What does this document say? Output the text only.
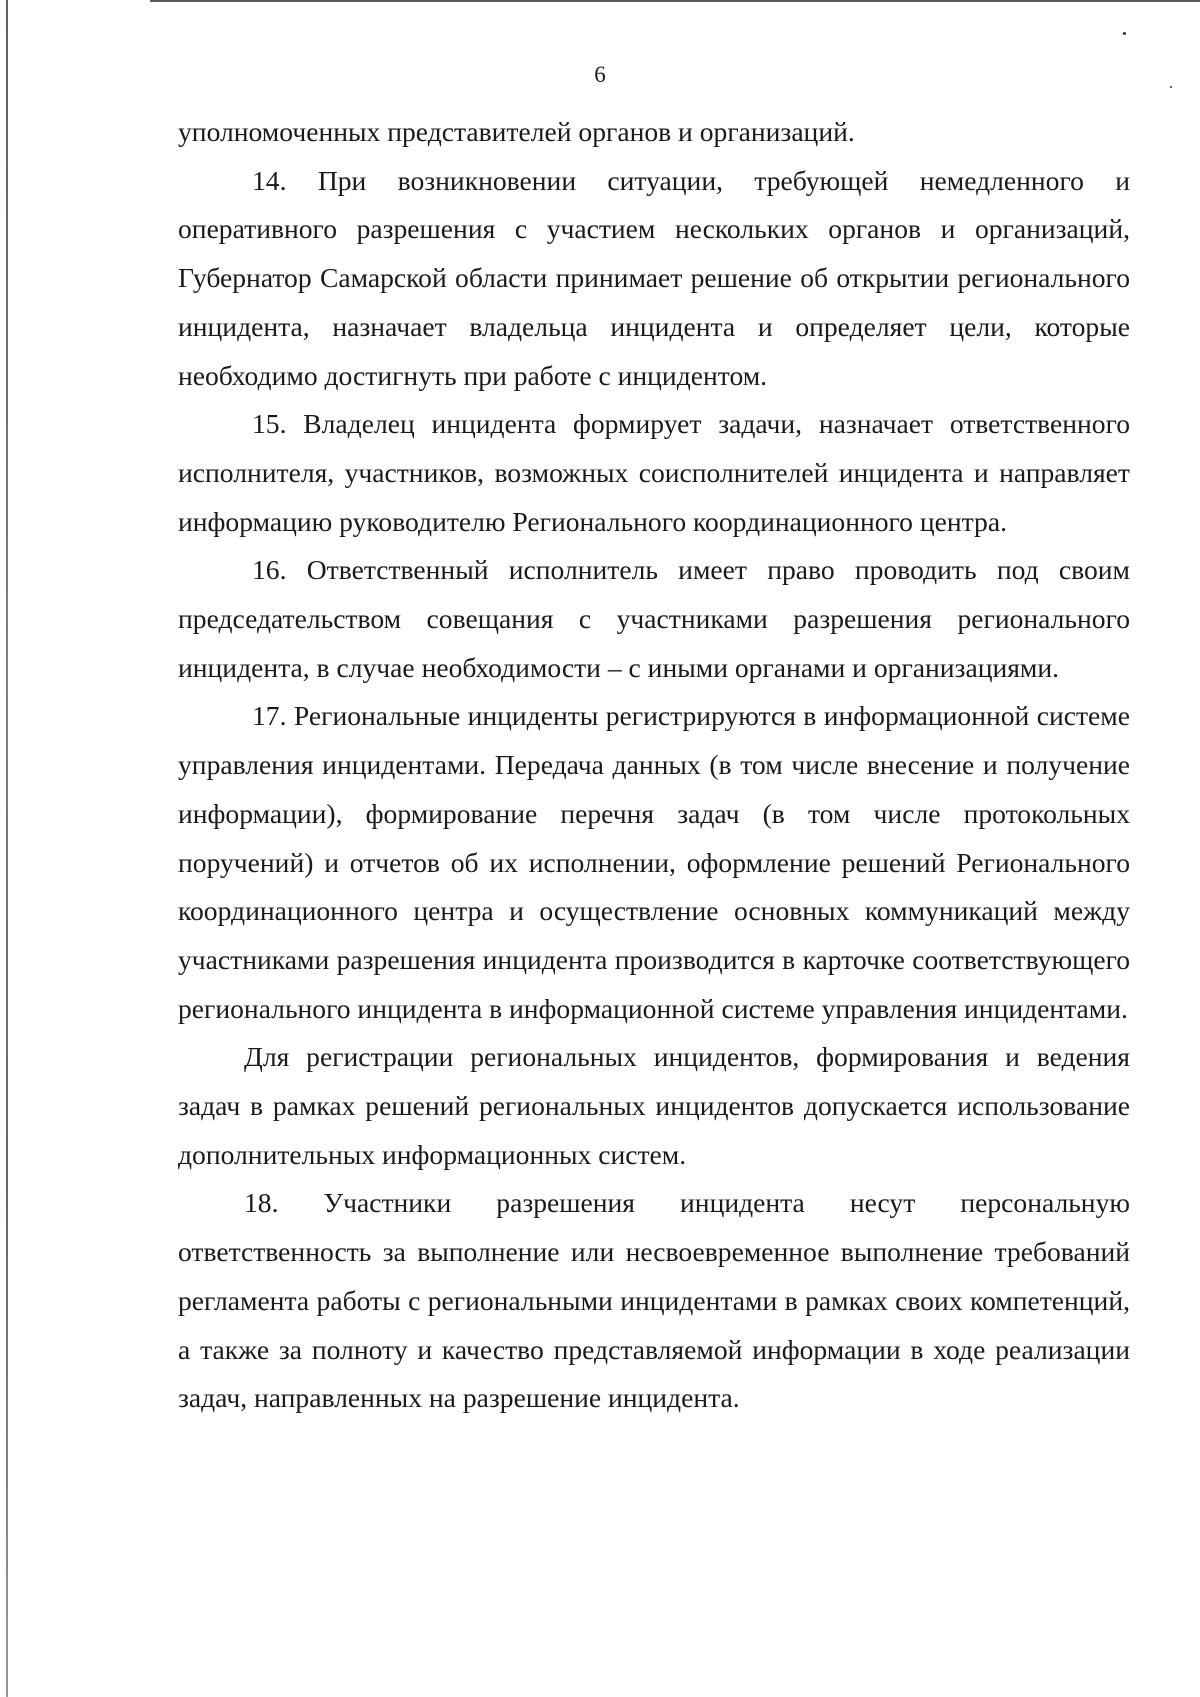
6

уполномоченных представителей органов и организаций.

14. При возникновении ситуации, требующей немедленного и оперативного разрешения с участием нескольких органов и организаций, Губернатор Самарской области принимает решение об открытии регионального инцидента, назначает владельца инцидента и определяет цели, которые необходимо достигнуть при работе с инцидентом.

15. Владелец инцидента формирует задачи, назначает ответственного исполнителя, участников, возможных соисполнителей инцидента и направляет информацию руководителю Регионального координационного центра.

16. Ответственный исполнитель имеет право проводить под своим председательством совещания с участниками разрешения регионального инцидента, в случае необходимости – с иными органами и организациями.

17. Региональные инциденты регистрируются в информационной системе управления инцидентами. Передача данных (в том числе внесение и получение информации), формирование перечня задач (в том числе протокольных поручений) и отчетов об их исполнении, оформление решений Регионального координационного центра и осуществление основных коммуникаций между участниками разрешения инцидента производится в карточке соответствующего регионального инцидента в информационной системе управления инцидентами.

Для регистрации региональных инцидентов, формирования и ведения задач в рамках решений региональных инцидентов допускается использование дополнительных информационных систем.

18. Участники разрешения инцидента несут персональную ответственность за выполнение или несвоевременное выполнение требований регламента работы с региональными инцидентами в рамках своих компетенций, а также за полноту и качество представляемой информации в ходе реализации задач, направленных на разрешение инцидента.
